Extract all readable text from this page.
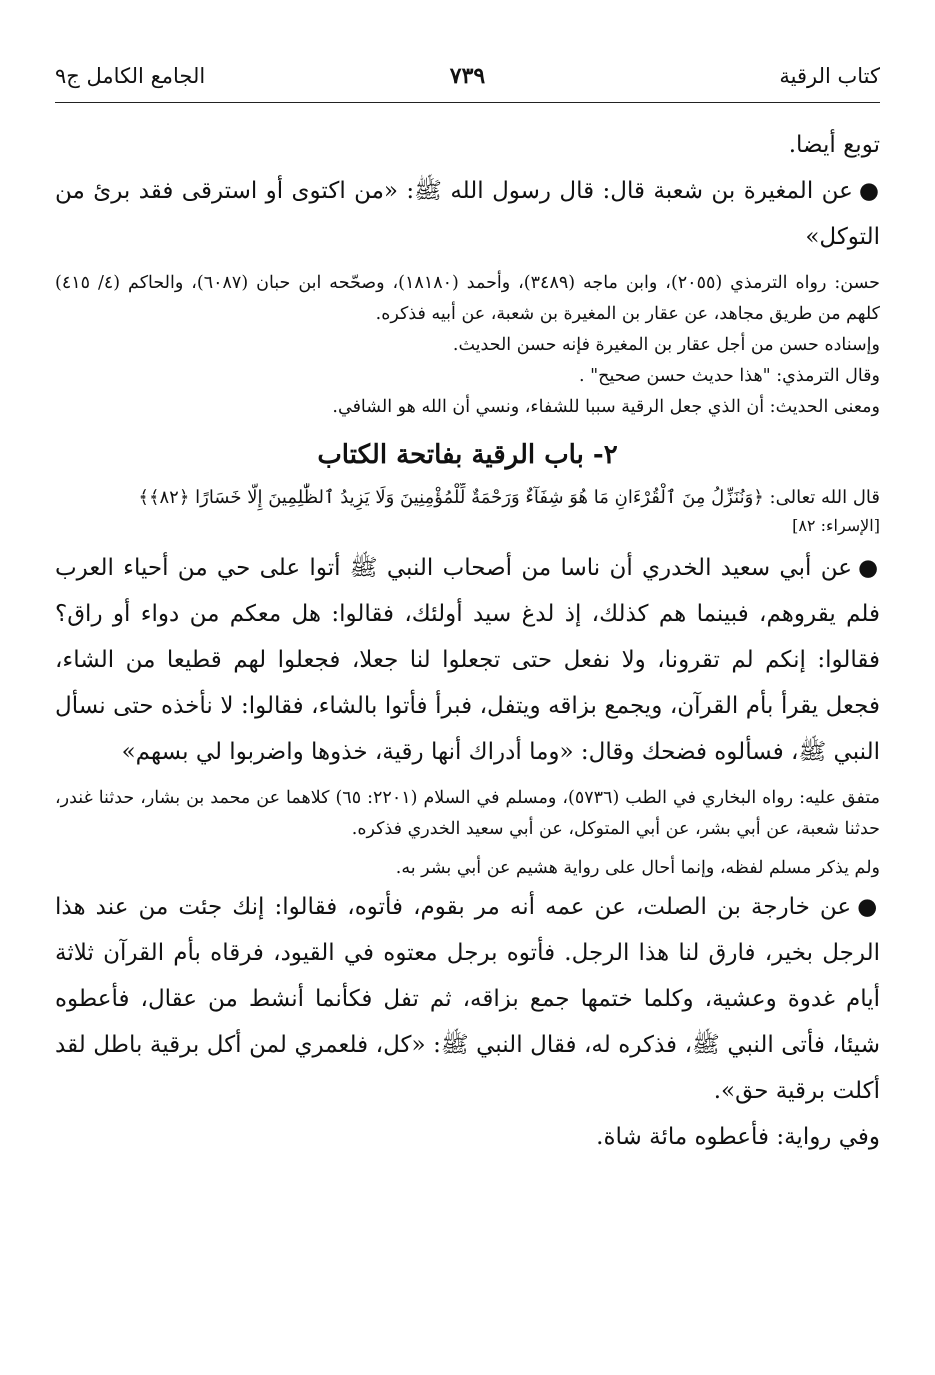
كتاب الرقية
٧٣٩
الجامع الكامل ج٩

توبع أيضا.

●عن المغيرة بن شعبة قال: قال رسول الله ﷺ: «من اكتوى أو استرقى فقد برئ من التوكل»

حسن: رواه الترمذي (٢٠٥٥)، وابن ماجه (٣٤٨٩)، وأحمد (١٨١٨٠)، وصحّحه ابن حبان (٦٠٨٧)، والحاكم (٤/ ٤١٥) كلهم من طريق مجاهد، عن عقار بن المغيرة بن شعبة، عن أبيه فذكره.

وإسناده حسن من أجل عقار بن المغيرة فإنه حسن الحديث.

وقال الترمذي: "هذا حديث حسن صحيح" .

ومعنى الحديث: أن الذي جعل الرقية سببا للشفاء، ونسي أن الله هو الشافي.

٢- باب الرقية بفاتحة الكتاب

قال الله تعالى: ﴿وَنُنَزِّلُ مِنَ ٱلْقُرْءَانِ مَا هُوَ شِفَآءٌ وَرَحْمَةٌ لِّلْمُؤْمِنِينَ وَلَا يَزِيدُ ٱلظَّٰلِمِينَ إِلَّا خَسَارًا ﴿٨٢﴾﴾

[الإسراء: ٨٢]

●عن أبي سعيد الخدري أن ناسا من أصحاب النبي ﷺ أتوا على حي من أحياء العرب فلم يقروهم، فبينما هم كذلك، إذ لدغ سيد أولئك، فقالوا: هل معكم من دواء أو راق؟ فقالوا: إنكم لم تقرونا، ولا نفعل حتى تجعلوا لنا جعلا، فجعلوا لهم قطيعا من الشاء، فجعل يقرأ بأم القرآن، ويجمع بزاقه ويتفل، فبرأ فأتوا بالشاء، فقالوا: لا نأخذه حتى نسأل النبي ﷺ، فسألوه فضحك وقال: «وما أدراك أنها رقية، خذوها واضربوا لي بسهم»

متفق عليه: رواه البخاري في الطب (٥٧٣٦)، ومسلم في السلام (٢٢٠١: ٦٥) كلاهما عن محمد بن بشار، حدثنا غندر، حدثنا شعبة، عن أبي بشر، عن أبي المتوكل، عن أبي سعيد الخدري فذكره.

ولم يذكر مسلم لفظه، وإنما أحال على رواية هشيم عن أبي بشر به.

●عن خارجة بن الصلت، عن عمه أنه مر بقوم، فأتوه، فقالوا: إنك جئت من عند هذا الرجل بخير، فارق لنا هذا الرجل. فأتوه برجل معتوه في القيود، فرقاه بأم القرآن ثلاثة أيام غدوة وعشية، وكلما ختمها جمع بزاقه، ثم تفل فكأنما أنشط من عقال، فأعطوه شيئا، فأتى النبي ﷺ، فذكره له، فقال النبي ﷺ: «كل، فلعمري لمن أكل برقية باطل لقد أكلت برقية حق».

وفي رواية: فأعطوه مائة شاة.
